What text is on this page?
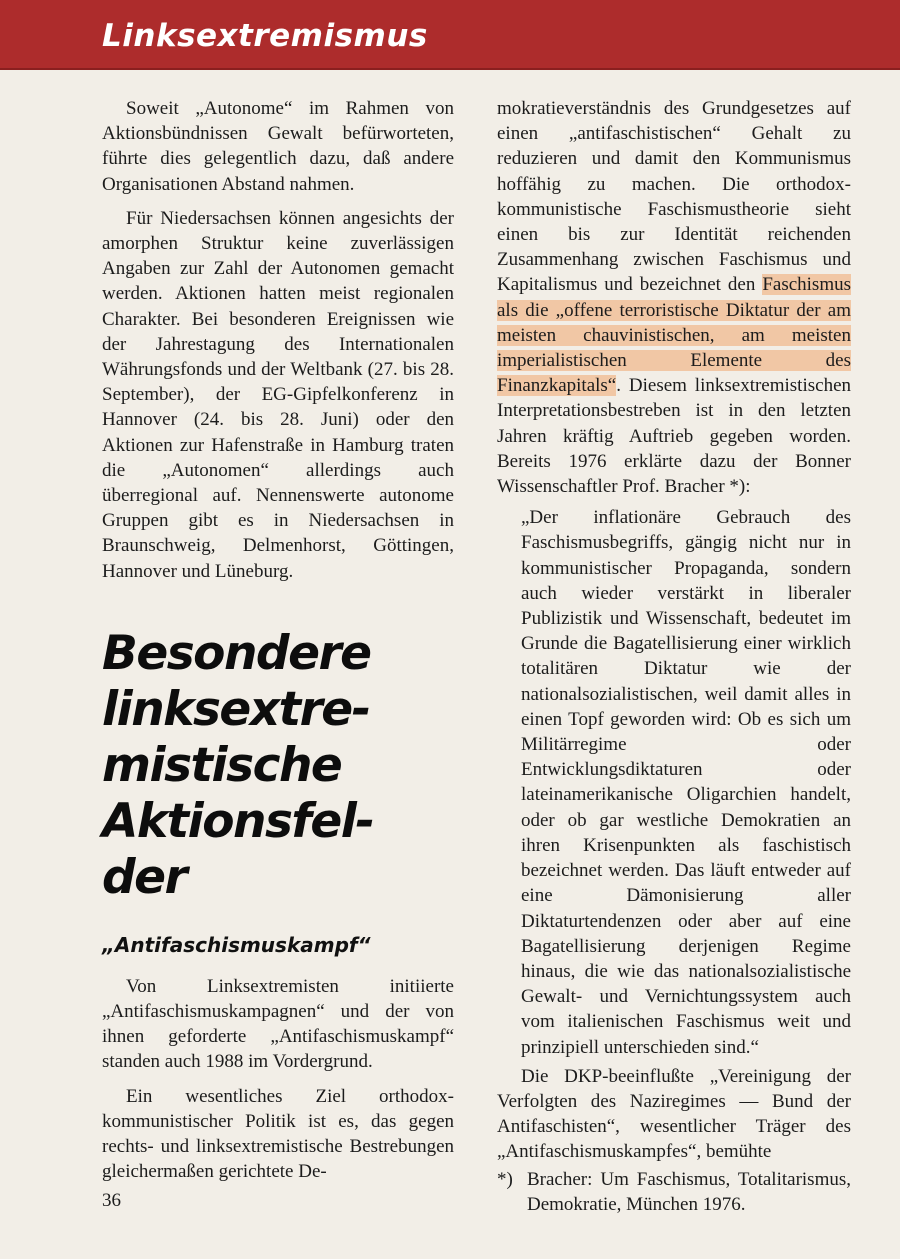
Linksextremismus

Soweit „Autonome“ im Rahmen von Aktionsbündnissen Gewalt befürworteten, führte dies gelegentlich dazu, daß andere Organisationen Abstand nahmen.

Für Niedersachsen können angesichts der amorphen Struktur keine zuverlässigen Angaben zur Zahl der Autonomen gemacht werden. Aktionen hatten meist regionalen Charakter. Bei besonderen Ereignissen wie der Jahrestagung des Internationalen Währungsfonds und der Weltbank (27. bis 28. September), der EG-Gipfelkonferenz in Hannover (24. bis 28. Juni) oder den Aktionen zur Hafenstraße in Hamburg traten die „Autonomen“ allerdings auch überregional auf. Nennenswerte autonome Gruppen gibt es in Niedersachsen in Braunschweig, Delmenhorst, Göttingen, Hannover und Lüneburg.

Besondere
linksextre-
mistische
Aktionsfel-
der
„Antifaschismuskampf“

Von Linksextremisten initiierte „Antifaschismuskampagnen“ und der von ihnen geforderte „Antifaschismuskampf“ standen auch 1988 im Vordergrund.

Ein wesentliches Ziel orthodox-kommunistischer Politik ist es, das gegen rechts- und linksextremistische Bestrebungen gleichermaßen gerichtete De-

mokratieverständnis des Grundgesetzes auf einen „antifaschistischen“ Gehalt zu reduzieren und damit den Kommunismus hoffähig zu machen. Die orthodox-kommunistische Faschismustheorie sieht einen bis zur Identität reichenden Zusammenhang zwischen Faschismus und Kapitalismus und bezeichnet den Faschismus als die „offene terroristische Diktatur der am meisten chauvinistischen, am meisten imperialistischen Elemente des Finanzkapitals“. Diesem linksextremistischen Interpretationsbestreben ist in den letzten Jahren kräftig Auftrieb gegeben worden. Bereits 1976 erklärte dazu der Bonner Wissenschaftler Prof. Bracher *):

„Der inflationäre Gebrauch des Faschismusbegriffs, gängig nicht nur in kommunistischer Propaganda, sondern auch wieder verstärkt in liberaler Publizistik und Wissenschaft, bedeutet im Grunde die Bagatellisierung einer wirklich totalitären Diktatur wie der nationalsozialistischen, weil damit alles in einen Topf geworden wird: Ob es sich um Militärregime oder Entwicklungsdiktaturen oder lateinamerikanische Oligarchien handelt, oder ob gar westliche Demokratien an ihren Krisenpunkten als faschistisch bezeichnet werden. Das läuft entweder auf eine Dämonisierung aller Diktaturtendenzen oder aber auf eine Bagatellisierung derjenigen Regime hinaus, die wie das nationalsozialistische Gewalt- und Vernichtungssystem auch vom italienischen Faschismus weit und prinzipiell unterschieden sind.“

Die DKP-beeinflußte „Vereinigung der Verfolgten des Naziregimes — Bund der Antifaschisten“, wesentlicher Träger des „Antifaschismuskampfes“, bemühte

*) Bracher: Um Faschismus, Totalitarismus, Demokratie, München 1976.
36
